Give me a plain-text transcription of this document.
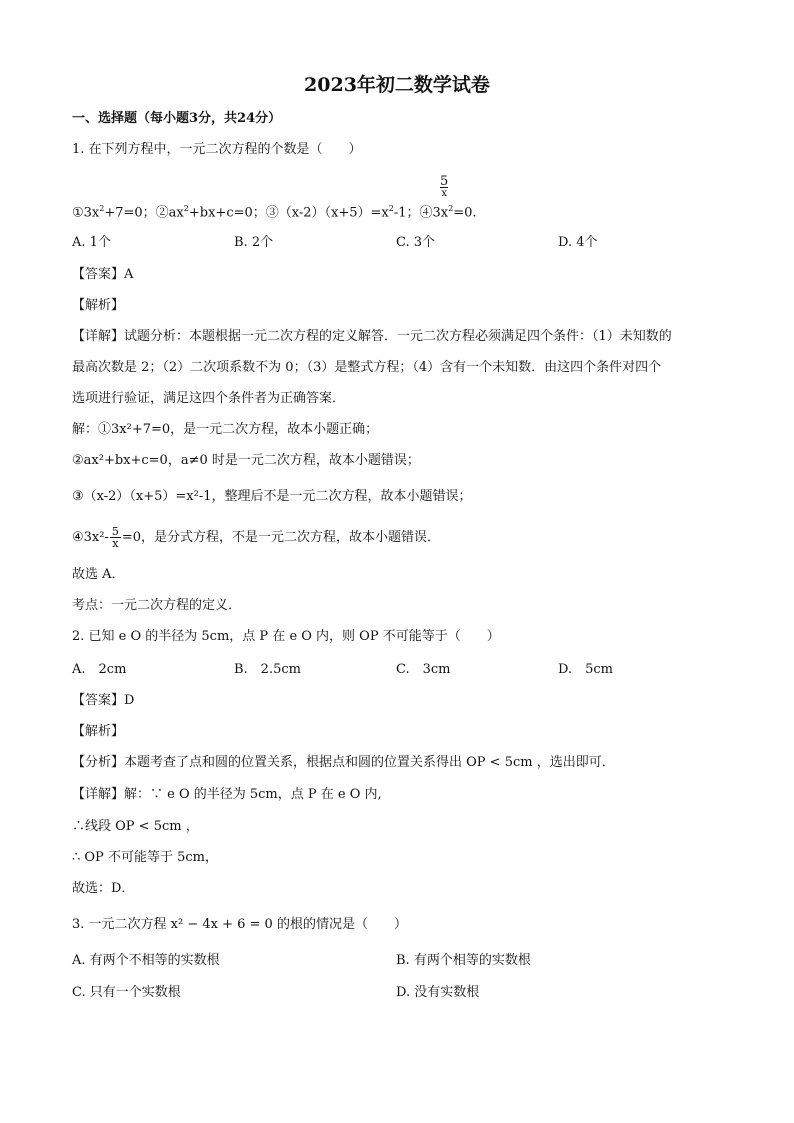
2023年初二数学试卷
一、选择题（每小题3分，共24分）
1. 在下列方程中，一元二次方程的个数是（　　）
5
x
$①3x^2+7=0$；$②ax^2+bx+c=0$；$③(x-2)(x+5)=x^2-1$；$④3x^2=0$.
A. 1个	B. 2个	C. 3个	D. 4个
【答案】A
【解析】
【详解】试题分析：本题根据一元二次方程的定义解答．一元二次方程必须满足四个条件：（1）未知数的
最高次数是 2；（2）二次项系数不为 0；（3）是整式方程；（4）含有一个未知数．由这四个条件对四个
选项进行验证，满足这四个条件者为正确答案．
解：①3x²+7=0，是一元二次方程，故本小题正确；
②ax²+bx+c=0，a≠0 时是一元二次方程，故本小题错误；
③（x-2）（x+5）=x²-1，整理后不是一元二次方程，故本小题错误；
④3x²- $\frac{5}{x} =0$，是分式方程，不是一元二次方程，故本小题错误．
故选 A．
考点：一元二次方程的定义．
2. 已知 e O 的半径为 5cm，点 P 在 e O 内，则 OP 不可能等于（　　）
A.　2cm	B.　2.5cm	C.　3cm	D.　5cm
【答案】D
【解析】
【分析】本题考查了点和圆的位置关系，根据点和圆的位置关系得出 OP < 5cm ，选出即可．
【详解】解：∵ e O 的半径为 5cm，点 P 在 e O 内,
∴线段 OP < 5cm ，
∴ OP 不可能等于 5cm，
故选：D．
3. 一元二次方程 x² − 4x + 6 = 0 的根的情况是（　　）
A. 有两个不相等的实数根	B. 有两个相等的实数根
C. 只有一个实数根	D. 没有实数根
